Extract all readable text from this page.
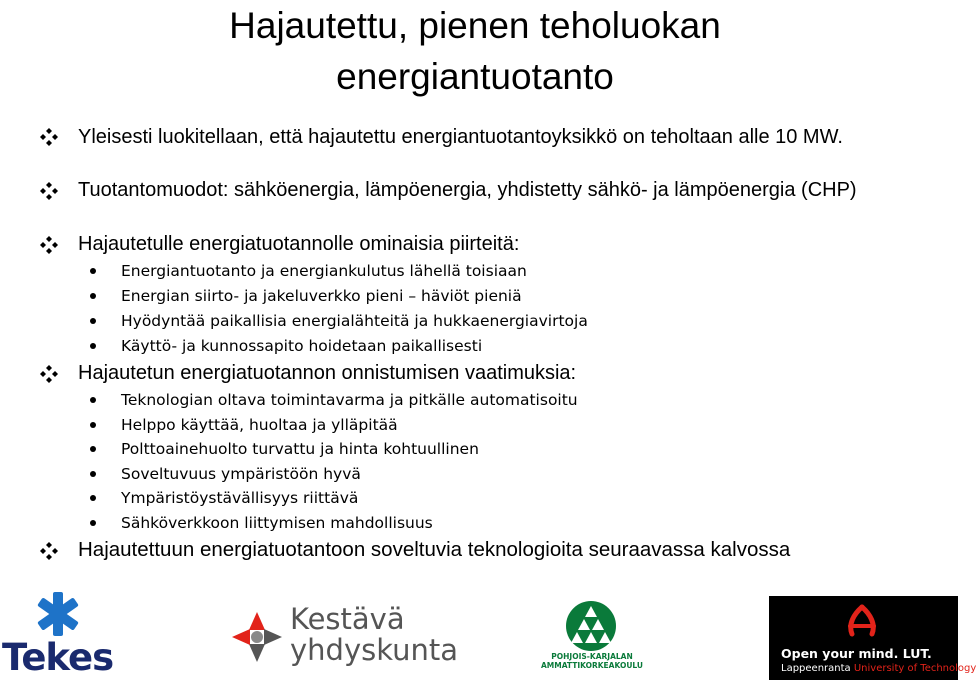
Hajautettu, pienen teholuokan
energiantuotanto
Yleisesti luokitellaan, että hajautettu energiantuotantoyksikkö on teholtaan alle 10 MW.
Tuotantomuodot: sähköenergia, lämpöenergia, yhdistetty sähkö- ja lämpöenergia (CHP)
Hajautetulle energiatuotannolle ominaisia piirteitä:
Energiantuotanto ja energiankulutus lähellä toisiaan
Energian siirto- ja jakeluverkko pieni – häviöt pieniä
Hyödyntää paikallisia energialähteitä ja hukkaenergiavirtoja
Käyttö- ja kunnossapito hoidetaan paikallisesti
Hajautetun energiatuotannon onnistumisen vaatimuksia:
Teknologian oltava toimintavarma ja pitkälle automatisoitu
Helppo käyttää, huoltaa ja ylläpitää
Polttoainehuolto turvattu ja hinta kohtuullinen
Soveltuvuus ympäristöön hyvä
Ympäristöystävällisyys riittävä
Sähköverkkoon liittymisen mahdollisuus
Hajautettuun energiatuotantoon soveltuvia teknologioita seuraavassa kalvossa
Tekes
Kestävä
yhdyskunta	POHJOIS-KARJALAN
AMMATTIKORKEAKOULU
Open your mind. LUT.
Lappeenranta University of Technology
